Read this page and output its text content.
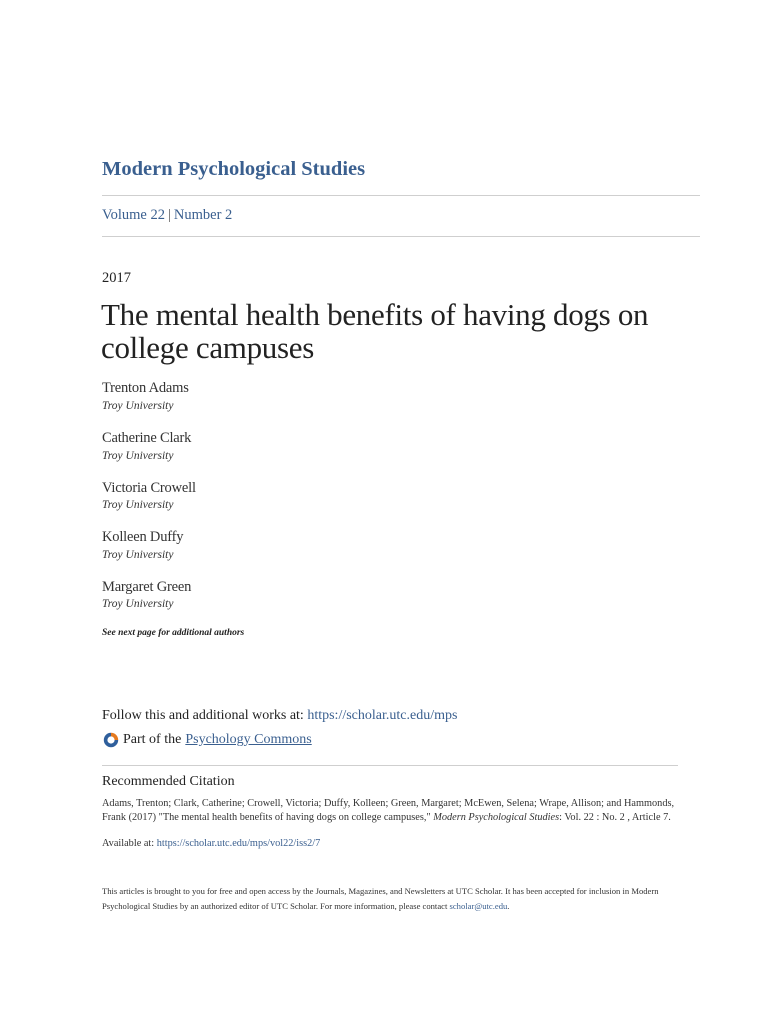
Modern Psychological Studies
Volume 22 | Number 2
2017
The mental health benefits of having dogs on college campuses
Trenton Adams
Troy University
Catherine Clark
Troy University
Victoria Crowell
Troy University
Kolleen Duffy
Troy University
Margaret Green
Troy University
See next page for additional authors
Follow this and additional works at: https://scholar.utc.edu/mps
Part of the Psychology Commons
Recommended Citation
Adams, Trenton; Clark, Catherine; Crowell, Victoria; Duffy, Kolleen; Green, Margaret; McEwen, Selena; Wrape, Allison; and Hammonds, Frank (2017) "The mental health benefits of having dogs on college campuses," Modern Psychological Studies: Vol. 22 : No. 2 , Article 7.
Available at: https://scholar.utc.edu/mps/vol22/iss2/7
This articles is brought to you for free and open access by the Journals, Magazines, and Newsletters at UTC Scholar. It has been accepted for inclusion in Modern Psychological Studies by an authorized editor of UTC Scholar. For more information, please contact scholar@utc.edu.
